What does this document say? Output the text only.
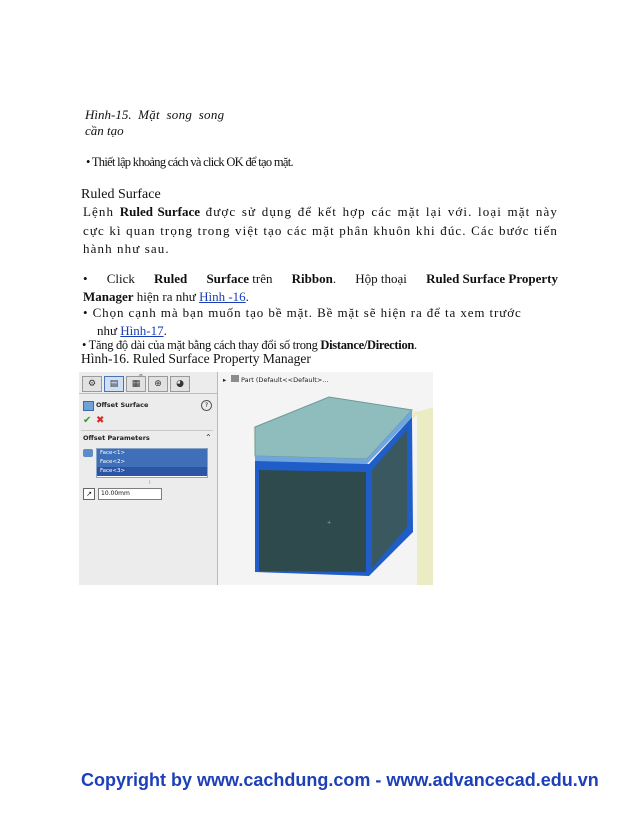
Hình-15. Mặt song song
cần tạo
• Thiết lập khoảng cách và click OK để tạo mặt.
Ruled Surface
Lệnh Ruled Surface được sử dụng để kết hợp các mặt lại với. loại mặt này cực kì quan trọng trong việt tạo các mặt phân khuôn khi đúc. Các bước tiến hành như sau.
• Click Ruled Surface trên Ribbon. Hộp thoại Ruled Surface Property
Manager hiện ra như Hình -16.
• Chọn cạnh mà bạn muốn tạo bề mặt. Bề mặt sẽ hiện ra để ta xem trước
như Hình-17.
• Tăng độ dài của mặt bằng cách thay đổi số trong Distance/Direction.
Hình-16. Ruled Surface Property Manager
⚙	▤	▦	⊕	◕
Offset Surface	?
✔ ✖
Offset Parameters	⌃
Face<1>
Face<2>
Face<3>
⁞
↗	10.00mm
▸ Part (Default<<Default>...
+
Copyright by www.cachdung.com - www.advancecad.edu.vn
